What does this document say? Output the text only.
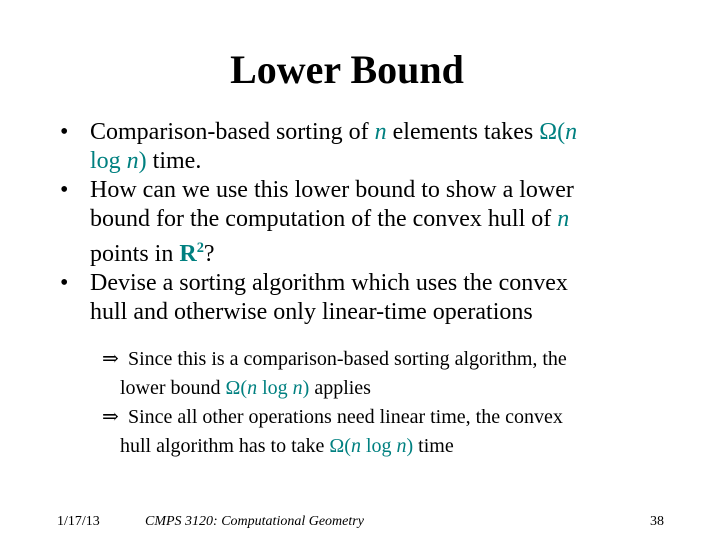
Lower Bound
• Comparison-based sorting of n elements takes Ω(n
log n) time.
• How can we use this lower bound to show a lower
bound for the computation of the convex hull of n
points in $R^2$?
• Devise a sorting algorithm which uses the convex
hull and otherwise only linear-time operations
⇒ Since this is a comparison-based sorting algorithm, the
lower bound Ω(n log n) applies
⇒ Since all other operations need linear time, the convex
hull algorithm has to take Ω(n log n) time
1/17/13	CMPS 3120: Computational Geometry	38
